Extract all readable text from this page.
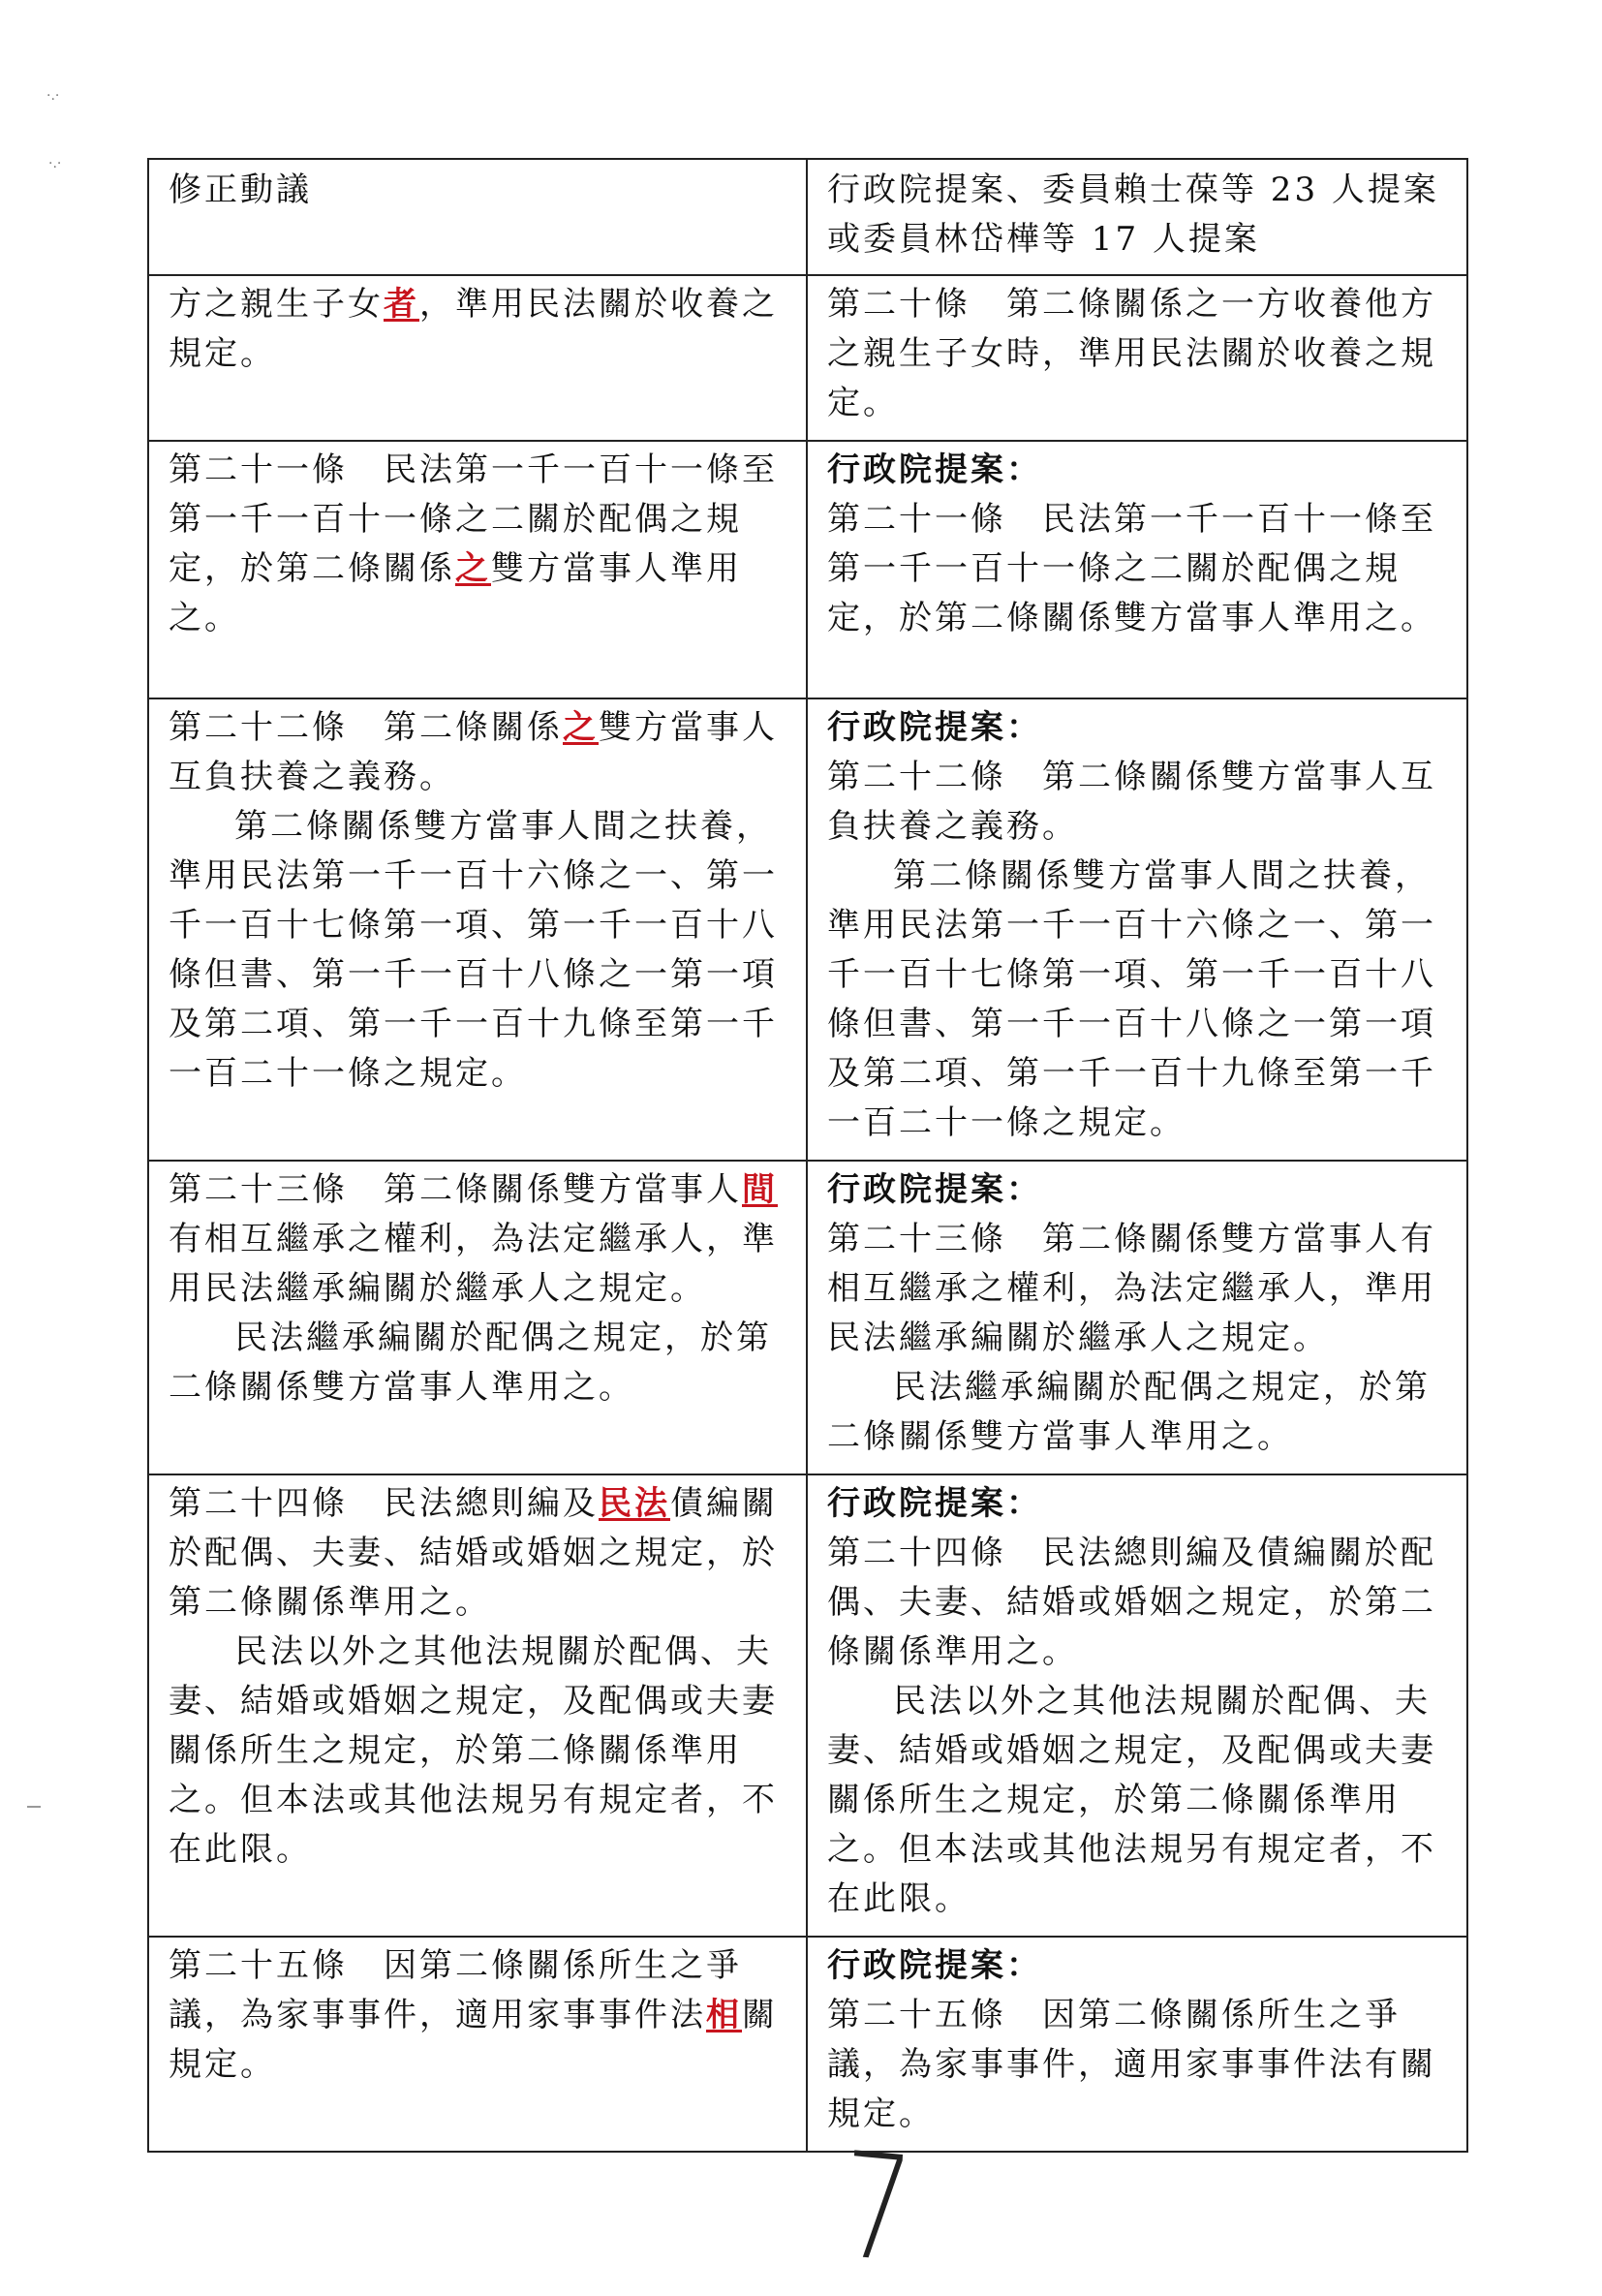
·.·
·.·
修正動議	行政院提案、委員賴士葆等 23 人提案
或委員林岱樺等 17 人提案

方之親生子女者，準用民法關於收養之規定。	第二十條　第二條關係之一方收養他方之親生子女時，準用民法關於收養之規定。

第二十一條　民法第一千一百十一條至第一千一百十一條之二關於配偶之規定，於第二條關係之雙方當事人準用之。	行政院提案：
第二十一條　民法第一千一百十一條至第一千一百十一條之二關於配偶之規定，於第二條關係雙方當事人準用之。

第二十二條　第二條關係之雙方當事人互負扶養之義務。
第二條關係雙方當事人間之扶養，準用民法第一千一百十六條之一、第一千一百十七條第一項、第一千一百十八條但書、第一千一百十八條之一第一項及第二項、第一千一百十九條至第一千一百二十一條之規定。	行政院提案：
第二十二條　第二條關係雙方當事人互負扶養之義務。
第二條關係雙方當事人間之扶養，準用民法第一千一百十六條之一、第一千一百十七條第一項、第一千一百十八條但書、第一千一百十八條之一第一項及第二項、第一千一百十九條至第一千一百二十一條之規定。

第二十三條　第二條關係雙方當事人間有相互繼承之權利，為法定繼承人，準用民法繼承編關於繼承人之規定。
民法繼承編關於配偶之規定，於第二條關係雙方當事人準用之。	行政院提案：
第二十三條　第二條關係雙方當事人有相互繼承之權利，為法定繼承人，準用民法繼承編關於繼承人之規定。
民法繼承編關於配偶之規定，於第二條關係雙方當事人準用之。

第二十四條　民法總則編及民法債編關於配偶、夫妻、結婚或婚姻之規定，於第二條關係準用之。
民法以外之其他法規關於配偶、夫妻、結婚或婚姻之規定，及配偶或夫妻關係所生之規定，於第二條關係準用之。但本法或其他法規另有規定者，不在此限。	行政院提案：
第二十四條　民法總則編及債編關於配偶、夫妻、結婚或婚姻之規定，於第二條關係準用之。
民法以外之其他法規關於配偶、夫妻、結婚或婚姻之規定，及配偶或夫妻關係所生之規定，於第二條關係準用之。但本法或其他法規另有規定者，不在此限。

第二十五條　因第二條關係所生之爭議，為家事事件，適用家事事件法相關規定。	行政院提案：
第二十五條　因第二條關係所生之爭議，為家事事件，適用家事事件法有關規定。
7
